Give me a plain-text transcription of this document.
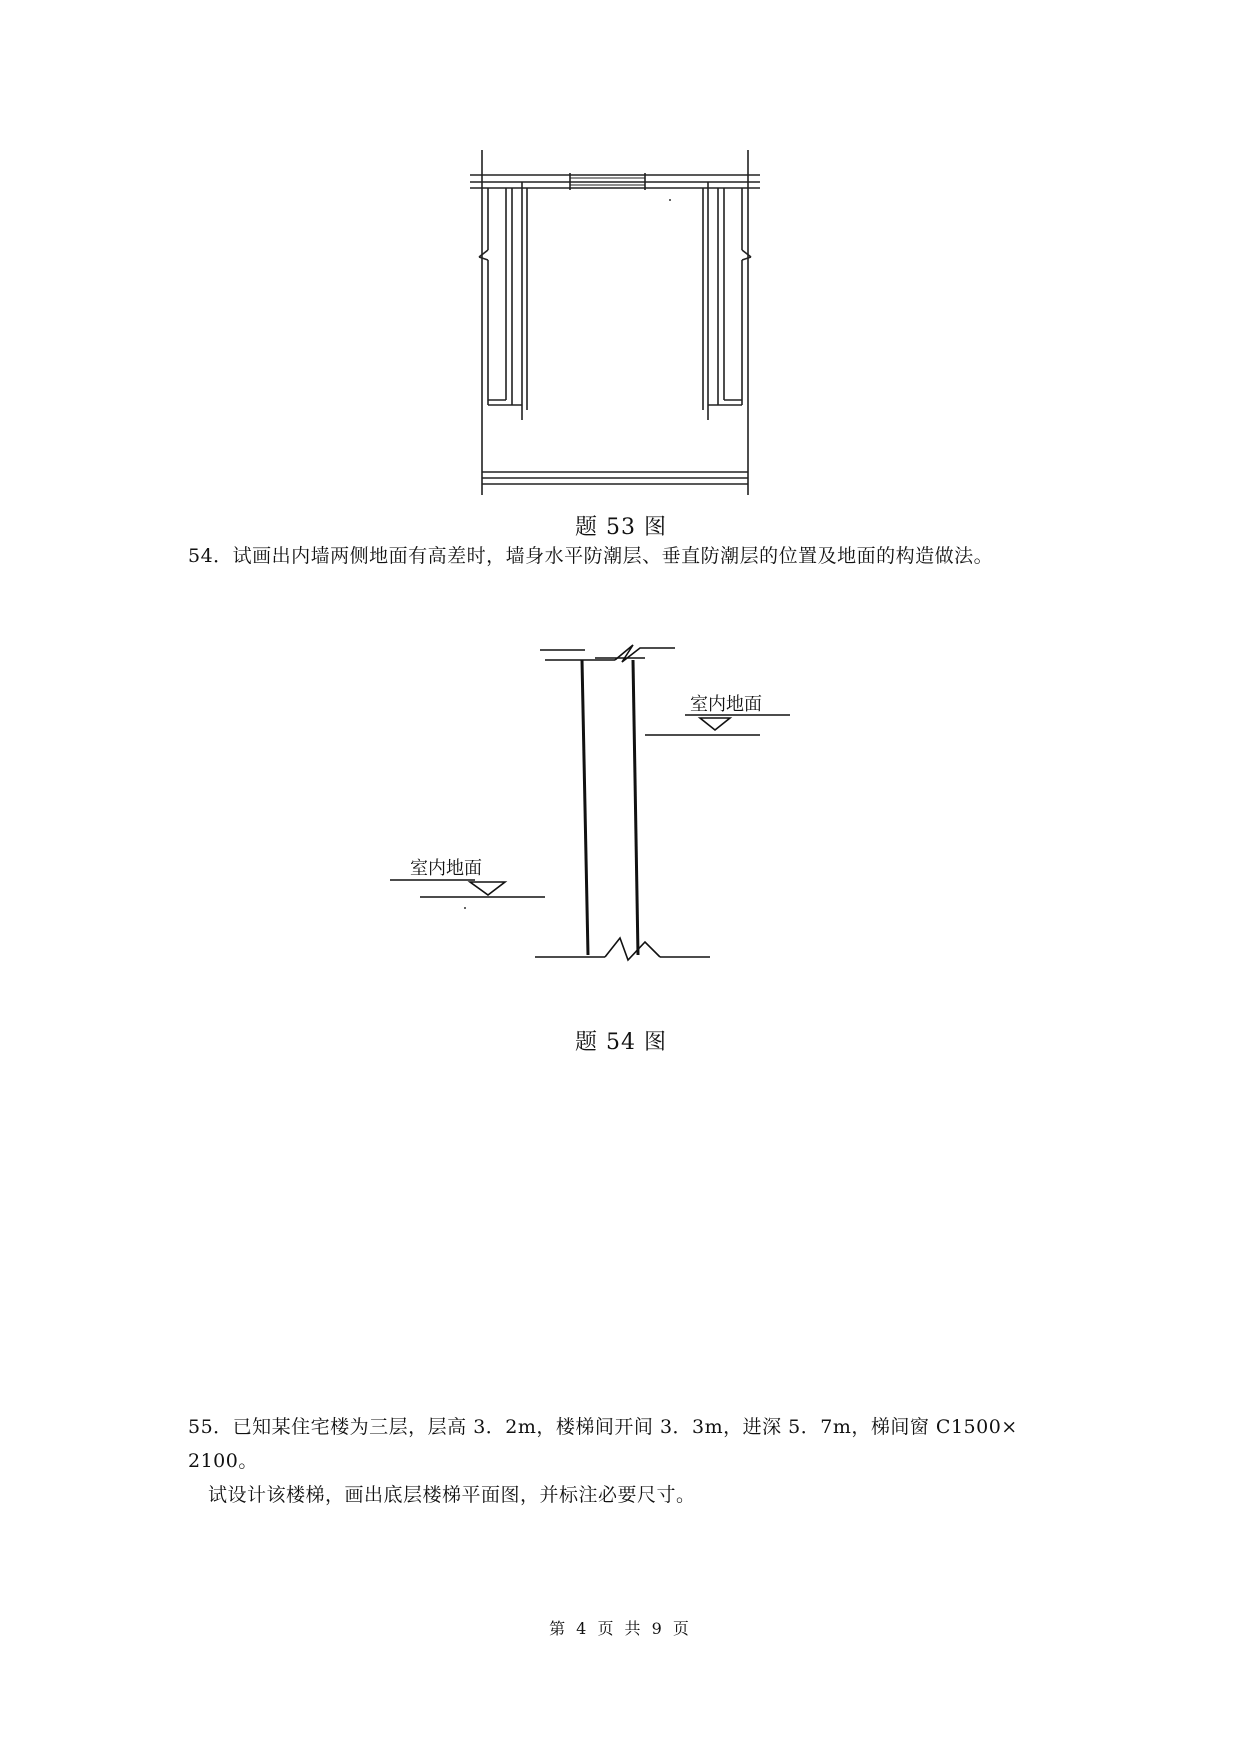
题 53 图
54．试画出内墙两侧地面有高差时，墙身水平防潮层、垂直防潮层的位置及地面的构造做法。
室内地面
室内地面
题 54 图
55．已知某住宅楼为三层，层高 3．2m，楼梯间开间 3．3m，进深 5．7m，梯间窗 C1500×
2100。
试设计该楼梯，画出底层楼梯平面图，并标注必要尺寸。
第 4 页 共 9 页
